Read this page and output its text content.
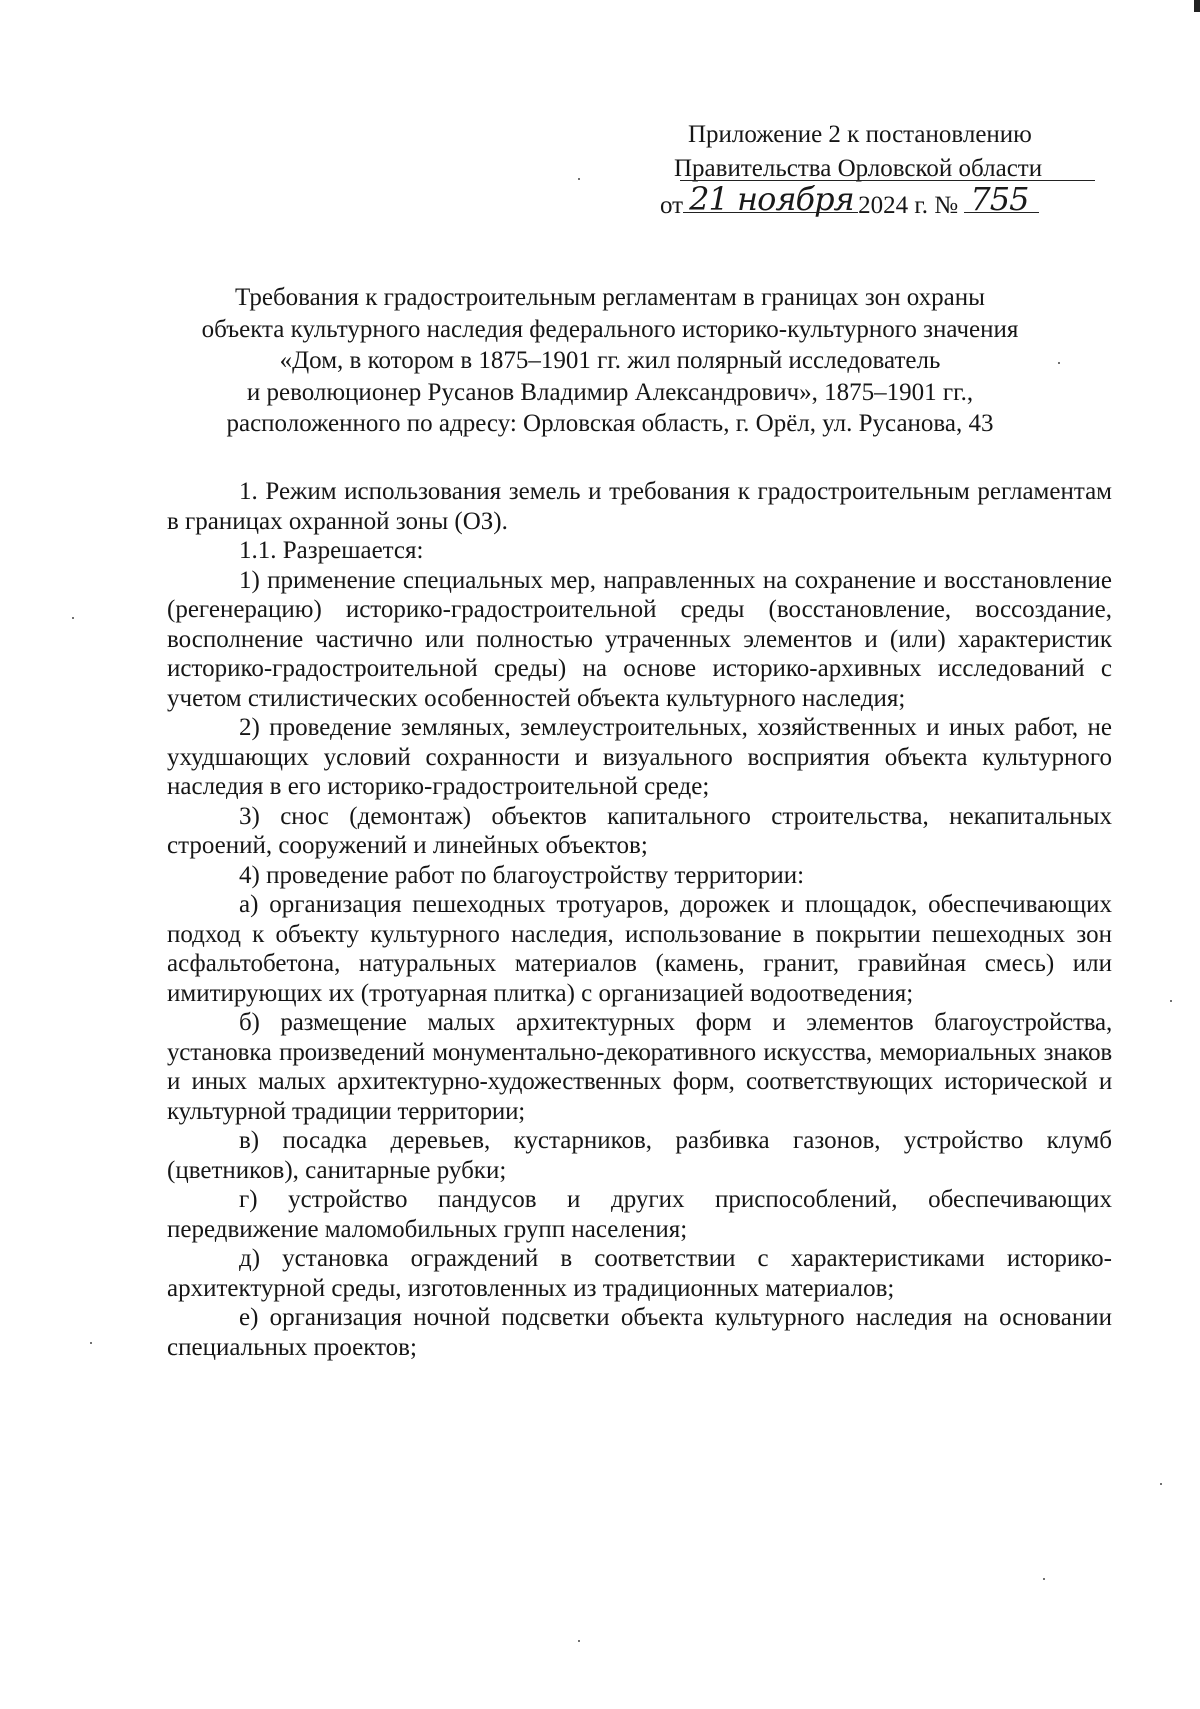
Приложение 2 к постановлению
Правительства Орловской области
от 21 ноября 2024 г. № 755
Требования к градостроительным регламентам в границах зон охраны
объекта культурного наследия федерального историко-культурного значения
«Дом, в котором в 1875–1901 гг. жил полярный исследователь
и революционер Русанов Владимир Александрович», 1875–1901 гг.,
расположенного по адресу: Орловская область, г. Орёл, ул. Русанова, 43

1. Режим использования земель и требования к градостроительным регламентам в границах охранной зоны (ОЗ).

1.1. Разрешается:

1) применение специальных мер, направленных на сохранение и восстановление (регенерацию) историко-градостроительной среды (восстановление, воссоздание, восполнение частично или полностью утраченных элементов и (или) характеристик историко-градостроительной среды) на основе историко-архивных исследований с учетом стилистических особенностей объекта культурного наследия;

2) проведение земляных, землеустроительных, хозяйственных и иных работ, не ухудшающих условий сохранности и визуального восприятия объекта культурного наследия в его историко-градостроительной среде;

3) снос (демонтаж) объектов капитального строительства, некапитальных строений, сооружений и линейных объектов;

4) проведение работ по благоустройству территории:

а) организация пешеходных тротуаров, дорожек и площадок, обеспечивающих подход к объекту культурного наследия, использование в покрытии пешеходных зон асфальтобетона, натуральных материалов (камень, гранит, гравийная смесь) или имитирующих их (тротуарная плитка) с организацией водоотведения;

б) размещение малых архитектурных форм и элементов благоустройства, установка произведений монументально-декоративного искусства, мемориальных знаков и иных малых архитектурно-художественных форм, соответствующих исторической и культурной традиции территории;

в) посадка деревьев, кустарников, разбивка газонов, устройство клумб (цветников), санитарные рубки;

г) устройство пандусов и других приспособлений, обеспечивающих передвижение маломобильных групп населения;

д) установка ограждений в соответствии с характеристиками историко-архитектурной среды, изготовленных из традиционных материалов;

е) организация ночной подсветки объекта культурного наследия на основании специальных проектов;
